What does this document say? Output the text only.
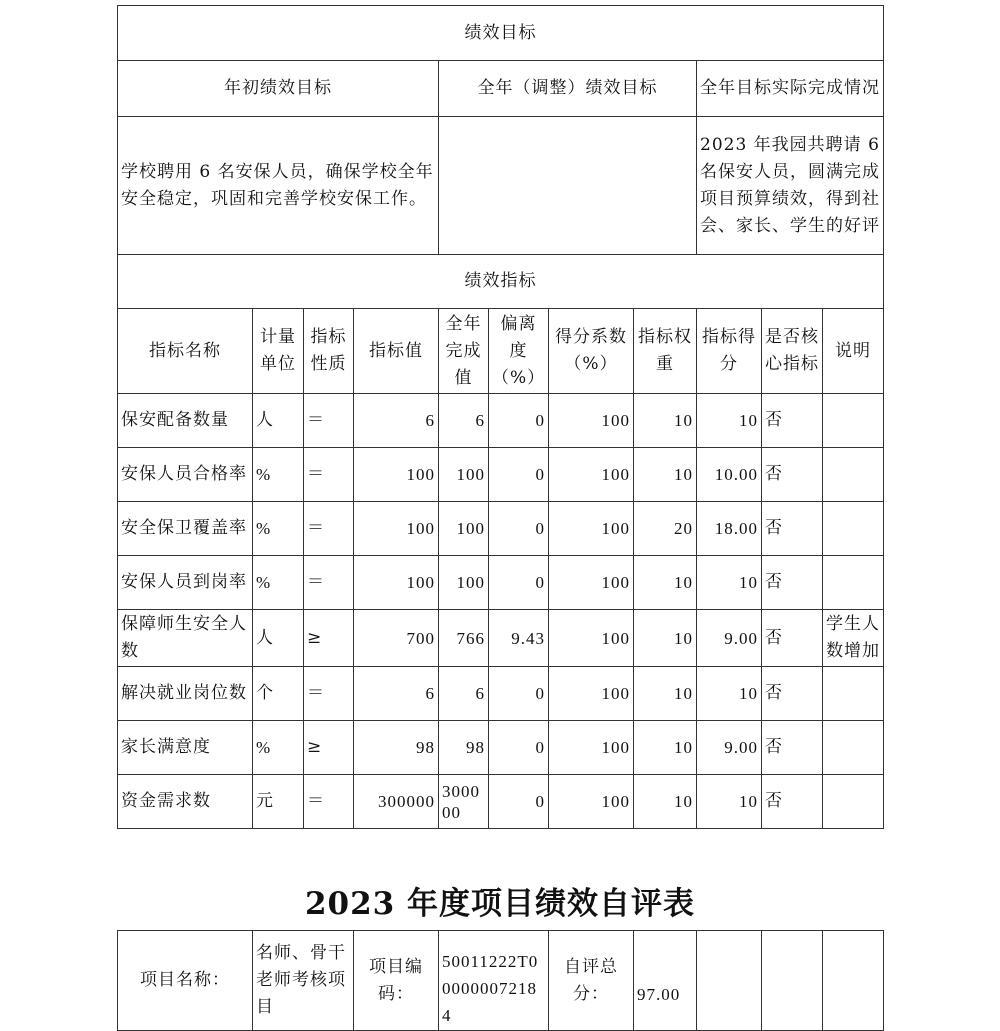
绩效目标										
年初绩效目标				全年（调整）绩效目标				全年目标实际完成情况		
学校聘用 6 名安保人员，确保学校全年安全稳定，巩固和完善学校安保工作。								2023 年我园共聘请 6 名保安人员，圆满完成项目预算绩效，得到社会、家长、学生的好评		
绩效指标										
指标名称	计量单位	指标性质	指标值	全年完成值	偏离度（%）	得分系数（%）	指标权重	指标得分	是否核心指标	说明
保安配备数量	人	＝	6	6	0	100	10	10	否	
安保人员合格率	%	＝	100	100	0	100	10	10.00	否	
安全保卫覆盖率	%	＝	100	100	0	100	20	18.00	否	
安保人员到岗率	%	＝	100	100	0	100	10	10	否	
保障师生安全人数	人	≥	700	766	9.43	100	10	9.00	否	学生人数增加
解决就业岗位数	个	＝	6	6	0	100	10	10	否	
家长满意度	%	≥	98	98	0	100	10	9.00	否	
资金需求数	元	＝	300000	300000	0	100	10	10	否	
2023 年度项目绩效自评表
项目名称：	名师、骨干老师考核项目	项目编码：	50011222T000000072184	自评总分：	97.00			
